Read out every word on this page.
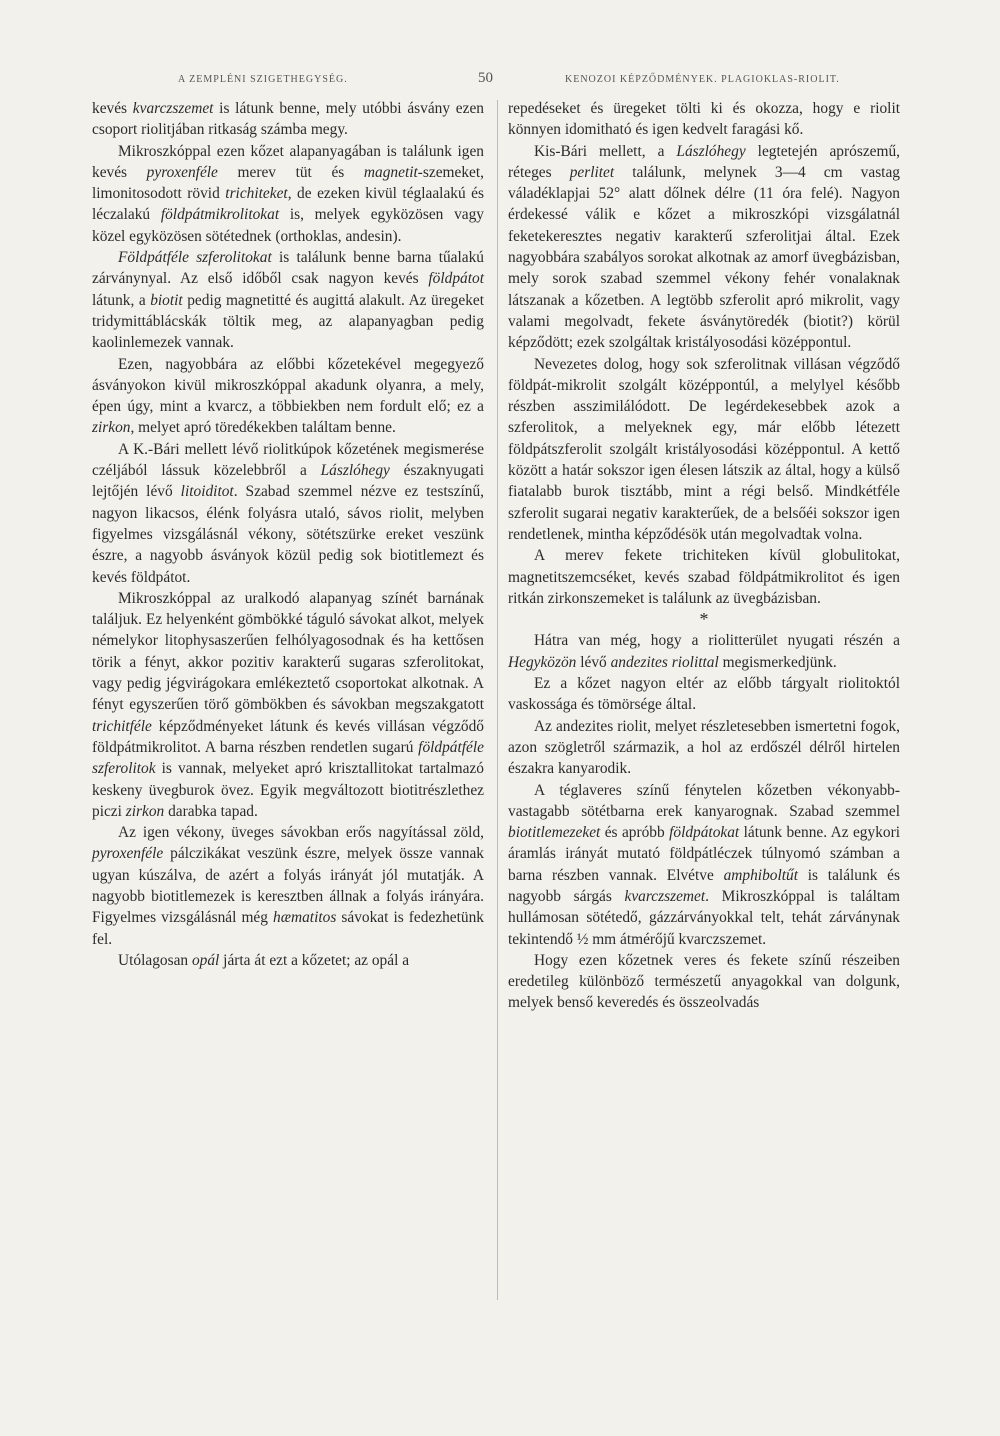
A ZEMPLÉNI SZIGETHEGYSÉG.	50	KENOZOI KÉPZŐDMÉNYEK. PLAGIOKLAS-RIOLIT.

kevés kvarczszemet is látunk benne, mely utóbbi ásvány ezen csoport riolitjában ritkaság számba megy.

Mikroszkóppal ezen kőzet alapanyagában is találunk igen kevés pyroxenféle merev tüt és magnetit-szemeket, limonitosodott rövid trichiteket, de ezeken kivül téglaalakú és léczalakú földpátmikrolitokat is, melyek egyközösen vagy közel egyközösen sötétednek (orthoklas, andesin).

Földpátféle szferolitokat is találunk benne barna tűalakú zárványnyal. Az első időből csak nagyon kevés földpátot látunk, a biotit pedig magnetitté és augittá alakult. Az üregeket tridymittáblácskák töltik meg, az alapanyagban pedig kaolinlemezek vannak.

Ezen, nagyobbára az előbbi kőzetekével megegyező ásványokon kivül mikroszkóppal akadunk olyanra, a mely, épen úgy, mint a kvarcz, a többiekben nem fordult elő; ez a zirkon, melyet apró töredékekben találtam benne.

A K.-Bári mellett lévő riolitkúpok kőzetének megismerése czéljából lássuk közelebbről a Lászlóhegy északnyugati lejtőjén lévő litoiditot. Szabad szemmel nézve ez testszínű, nagyon likacsos, élénk folyásra utaló, sávos riolit, melyben figyelmes vizsgálásnál vékony, sötétszürke ereket veszünk észre, a nagyobb ásványok közül pedig sok biotitlemezt és kevés földpátot.

Mikroszkóppal az uralkodó alapanyag színét barnának találjuk. Ez helyenként gömbökké táguló sávokat alkot, melyek némelykor litophysaszerűen felhólyagosodnak és ha kettősen törik a fényt, akkor pozitiv karakterű sugaras szferolitokat, vagy pedig jégvirágokara emlékeztető csoportokat alkotnak. A fényt egyszerűen törő gömbökben és sávokban megszakgatott trichitféle képződményeket látunk és kevés villásan végződő földpátmikrolitot. A barna részben rendetlen sugarú földpátféle szferolitok is vannak, melyeket apró krisztallitokat tartalmazó keskeny üvegburok övez. Egyik megváltozott biotitrészlethez piczi zirkon darabka tapad.

Az igen vékony, üveges sávokban erős nagyítással zöld, pyroxenféle pálczikákat veszünk észre, melyek össze vannak ugyan kúszálva, de azért a folyás irányát jól mutatják. A nagyobb biotitlemezek is keresztben állnak a folyás irányára. Figyelmes vizsgálásnál még hæmatitos sávokat is fedezhetünk fel.

Utólagosan opál járta át ezt a kőzetet; az opál a

repedéseket és üregeket tölti ki és okozza, hogy e riolit könnyen idomitható és igen kedvelt faragási kő.

Kis-Bári mellett, a Lászlóhegy legtetején aprószemű, réteges perlitet találunk, melynek 3—4 cm vastag váladéklapjai 52° alatt dőlnek délre (11 óra felé). Nagyon érdekessé válik e kőzet a mikroszkópi vizsgálatnál feketekeresztes negativ karakterű szferolitjai által. Ezek nagyobbára szabályos sorokat alkotnak az amorf üvegbázisban, mely sorok szabad szemmel vékony fehér vonalaknak látszanak a kőzetben. A legtöbb szferolit apró mikrolit, vagy valami megolvadt, fekete ásványtöredék (biotit?) körül képződött; ezek szolgáltak kristályosodási középpontul.

Nevezetes dolog, hogy sok szferolitnak villásan végződő földpát-mikrolit szolgált középpontúl, a melylyel később részben asszimilálódott. De legérdekesebbek azok a szferolitok, a melyeknek egy, már előbb létezett földpátszferolit szolgált kristályosodási középpontul. A kettő között a határ sokszor igen élesen látszik az által, hogy a külső fiatalabb burok tisztább, mint a régi belső. Mindkétféle szferolit sugarai negativ karakterűek, de a belsőéi sokszor igen rendetlenek, mintha képződésök után megolvadtak volna.

A merev fekete trichiteken kívül globulitokat, magnetitszemcséket, kevés szabad földpátmikrolitot és igen ritkán zirkonszemeket is találunk az üvegbázisban.

*

Hátra van még, hogy a riolitterület nyugati részén a Hegyközön lévő andezites riolittal megismerkedjünk.

Ez a kőzet nagyon eltér az előbb tárgyalt riolitoktól vaskossága és tömörsége által.

Az andezites riolit, melyet részletesebben ismertetni fogok, azon szögletről származik, a hol az erdőszél délről hirtelen északra kanyarodik.

A téglaveres színű fénytelen kőzetben vékonyabb-vastagabb sötétbarna erek kanyarognak. Szabad szemmel biotitlemezeket és apróbb földpátokat látunk benne. Az egykori áramlás irányát mutató földpátléczek túlnyomó számban a barna részben vannak. Elvétve amphiboltűt is találunk és nagyobb sárgás kvarczszemet. Mikroszkóppal is találtam hullámosan sötétedő, gázzárványokkal telt, tehát zárványnak tekintendő ½ mm átmérőjű kvarczszemet.

Hogy ezen kőzetnek veres és fekete színű részeiben eredetileg különböző természetű anyagokkal van dolgunk, melyek benső keveredés és összeolvadás
